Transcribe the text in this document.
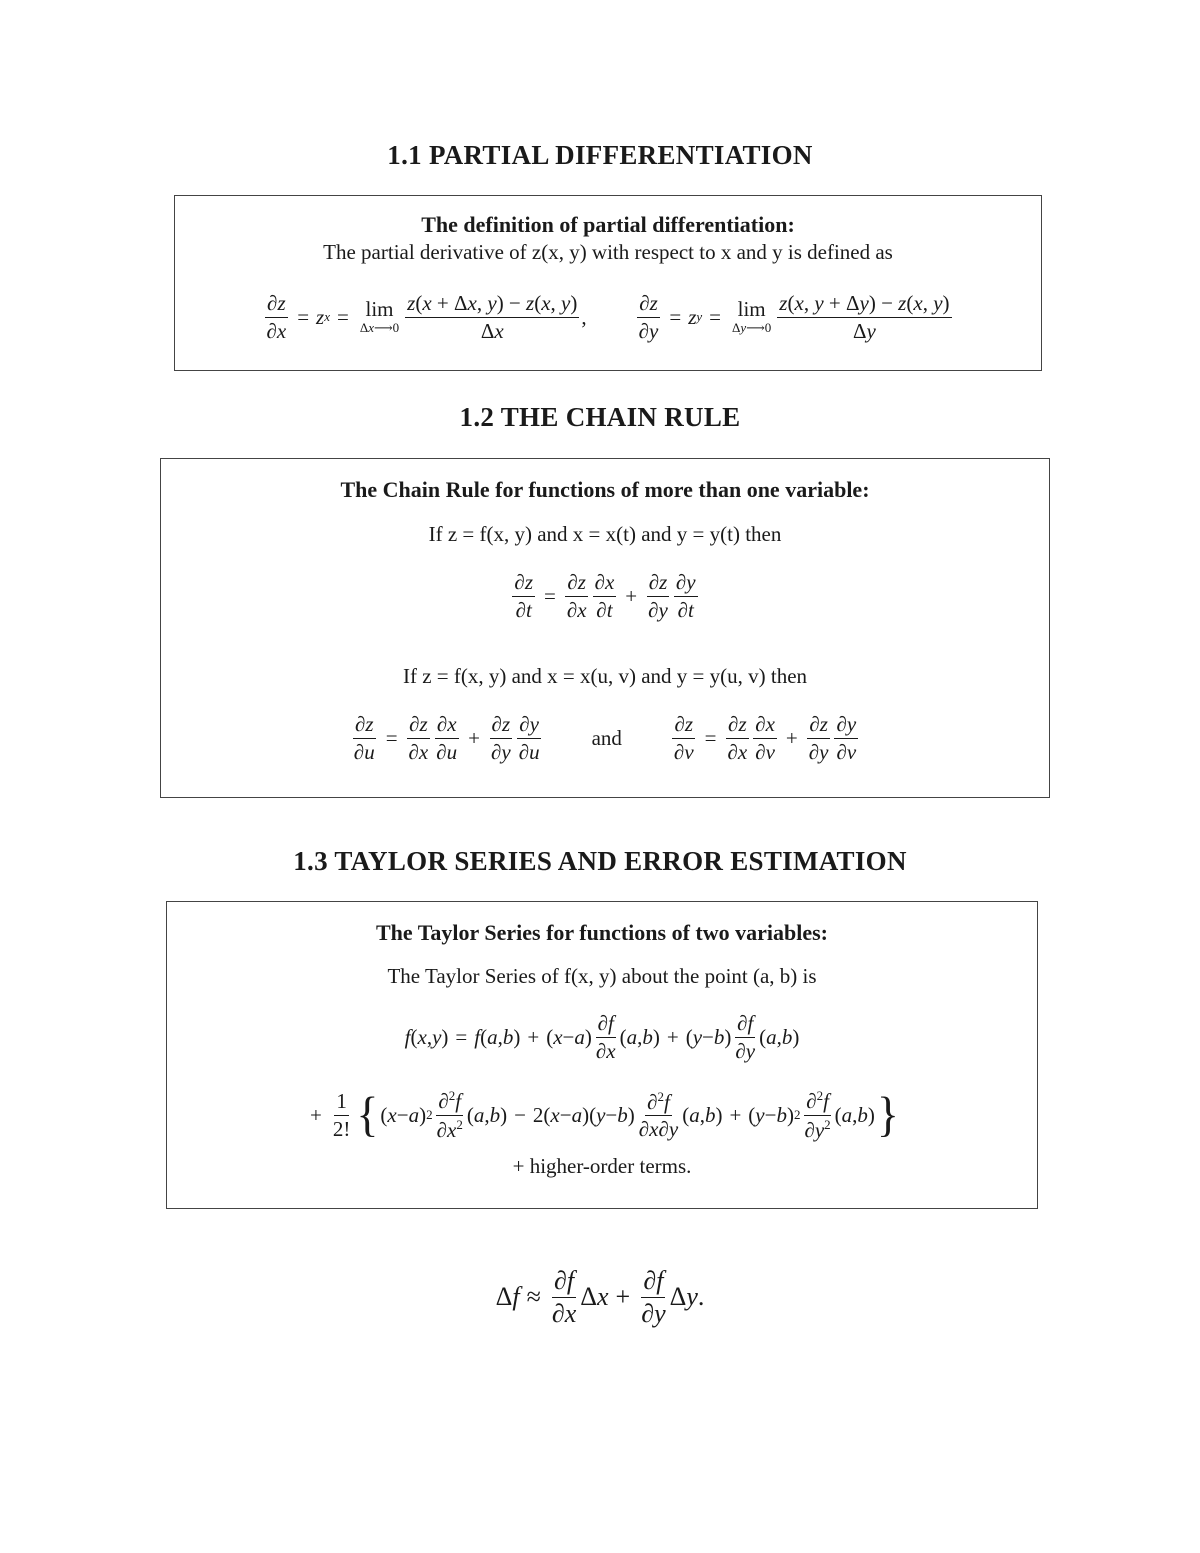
1.1 PARTIAL DIFFERENTIATION
The definition of partial differentiation:
The partial derivative of z(x, y) with respect to x and y is defined as
$\frac{\partial z}{\partial x} = z$ x = lim
Δx⟶0 $\frac{z(x + \Delta x, y) - z(x, y)}{\Delta x}$ , $\frac{\partial z}{\partial y} = z$ y = lim
Δy⟶0 $\frac{z(x, y + \Delta y) - z(x, y)}{\Delta y}$
1.2 THE CHAIN RULE
The Chain Rule for functions of more than one variable:
If z = f(x, y) and x = x(t) and y = y(t) then
$\frac{\partial z}{\partial t} = \frac{\partial z}{\partial x} \frac{\partial x}{\partial t} + \frac{\partial z}{\partial y} \frac{\partial y}{\partial t}$
If z = f(x, y) and x = x(u, v) and y = y(u, v) then
$\frac{\partial z}{\partial u} = \frac{\partial z}{\partial x} \frac{\partial x}{\partial u} + \frac{\partial z}{\partial y} \frac{\partial y}{\partial u}$ and $\frac{\partial z}{\partial v} = \frac{\partial z}{\partial x} \frac{\partial x}{\partial v} + \frac{\partial z}{\partial y} \frac{\partial y}{\partial v}$
1.3 TAYLOR SERIES AND ERROR ESTIMATION
The Taylor Series for functions of two variables:
The Taylor Series of f(x, y) about the point (a, b) is
f ( x , y ) = f ( a , b ) + ( x − a ) $\frac{\partial f}{\partial x}$ ( a , b ) + ( y − b ) $\frac{\partial f}{\partial y}$ ( a , b )
+ $\frac{1}{2!}$ { ( x − a ) $2 \frac{\partial^2f}{\partial x^2}$ ( a , b ) − 2( x − a )( y − b ) $\frac{\partial^2f}{\partial x\partial y}$ ( a , b ) + ( y − b ) $2 \frac{\partial^2f}{\partial y^2}$ ( a , b ) }
+ higher-order terms.
Δ $f \approx \frac{\partial f}{\partial x}$ Δ $x + \frac{\partial f}{\partial y}$ Δ y .
